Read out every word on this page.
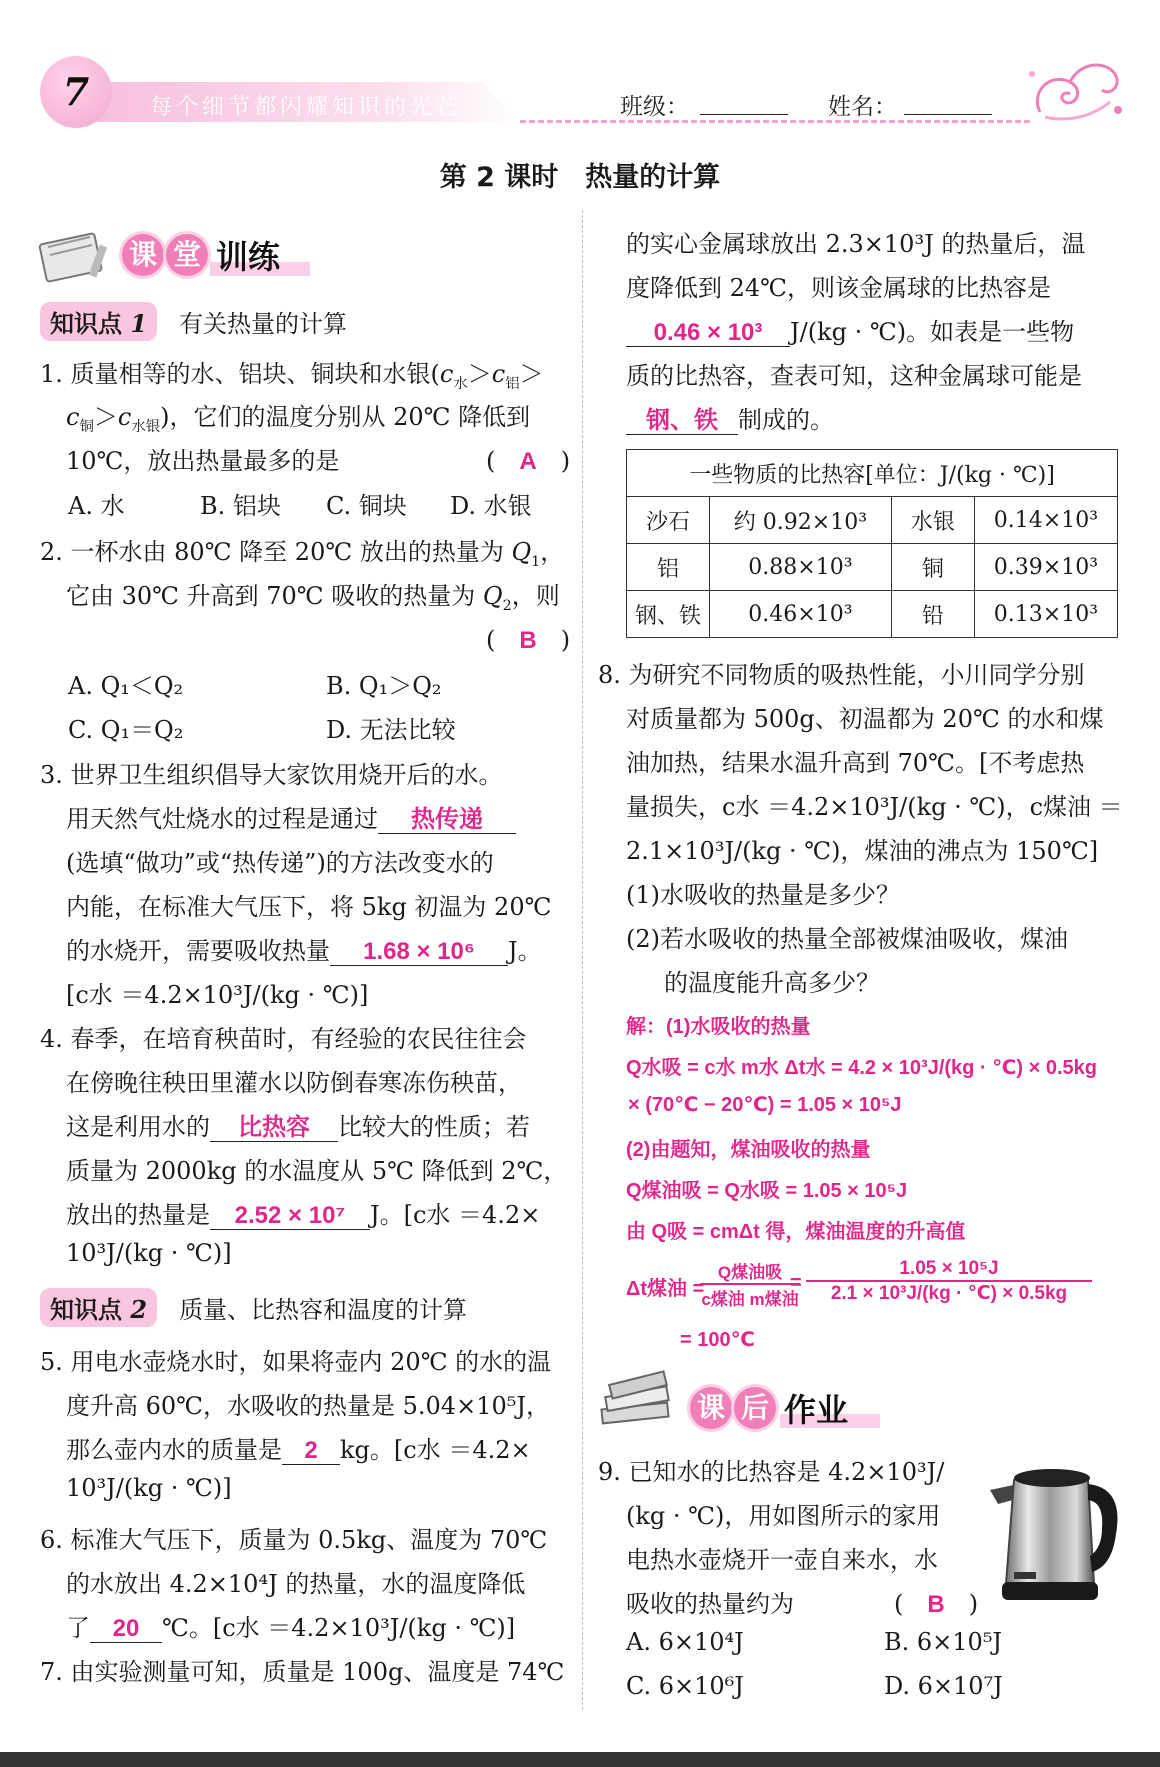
7	每个细节都闪耀知识的光芒	班级：	姓名：
第 2 课时　热量的计算
课 堂 训练
知识点 1	有关热量的计算
1. 质量相等的水、铝块、铜块和水银($c_水>c_铝>$
$c_铜>c_{水银}$)，它们的温度分别从 20℃ 降低到
10℃，放出热量最多的是	(　A　)
A. 水	B. 铝块 C. 铜块 D. 水银
2. 一杯水由 80℃ 降至 20℃ 放出的热量为 $Q_1$，
它由 30℃ 升高到 70℃ 吸收的热量为 $Q_2$，则
(　B　)
A. Q₁＜Q₂	B. Q₁＞Q₂
C. Q₁＝Q₂	D. 无法比较
3. 世界卫生组织倡导大家饮用烧开后的水。
用天然气灶烧水的过程是通过 热传递
(选填“做功”或“热传递”)的方法改变水的
内能，在标准大气压下，将 5kg 初温为 20℃
的水烧开，需要吸收热量 1.68 × 10⁶ J。
[c水 ＝4.2×10³J/(kg · ℃)]
4. 春季，在培育秧苗时，有经验的农民往往会
在傍晚往秧田里灌水以防倒春寒冻伤秧苗，
这是利用水的 比热容 比较大的性质；若
质量为 2000kg 的水温度从 5℃ 降低到 2℃，
放出的热量是 2.52 × 10⁷ J。[c水 ＝4.2×
10³J/(kg · ℃)]
知识点 2	质量、比热容和温度的计算
5. 用电水壶烧水时，如果将壶内 20℃ 的水的温
度升高 60℃，水吸收的热量是 5.04×10⁵J，
那么壶内水的质量是 2 kg。[c水 ＝4.2×
10³J/(kg · ℃)]
6. 标准大气压下，质量为 0.5kg、温度为 70℃
的水放出 4.2×10⁴J 的热量，水的温度降低
了 20 ℃。[c水 ＝4.2×10³J/(kg · ℃)]
7. 由实验测量可知，质量是 100g、温度是 74℃
的实心金属球放出 2.3×10³J 的热量后，温
度降低到 24℃，则该金属球的比热容是
0.46 × 10³ J/(kg · ℃)。如表是一些物
质的比热容，查表可知，这种金属球可能是
钢、铁 制成的。
一些物质的比热容[单位：J/(kg · ℃)]			
沙石	约 0.92×10³	水银	0.14×10³
铝	0.88×10³	铜	0.39×10³
钢、铁	0.46×10³	铅	0.13×10³
8. 为研究不同物质的吸热性能，小川同学分别
对质量都为 500g、初温都为 20℃ 的水和煤
油加热，结果水温升高到 70℃。[不考虑热
量损失，c水 ＝4.2×10³J/(kg · ℃)，c煤油 ＝
2.1×10³J/(kg · ℃)，煤油的沸点为 150℃]
(1)水吸收的热量是多少？
(2)若水吸收的热量全部被煤油吸收，煤油
的温度能升高多少？
解：(1)水吸收的热量
Q水吸 = c水 m水 Δt水 = 4.2 × 10³J/(kg · ℃) × 0.5kg
× (70℃ − 20℃) = 1.05 × 10⁵J
(2)由题知，煤油吸收的热量
Q煤油吸 = Q水吸 = 1.05 × 10⁵J
由 Q吸 = cmΔt 得，煤油温度的升高值
Δt煤油 =
Q煤油吸
c煤油 m煤油
= $\frac{\text{1.05 × 10⁵J}}{\text{2.1 × 10³J/(kg · ℃) × 0.5kg}}$
= 100℃
课 后 作业
9. 已知水的比热容是 4.2×10³J/
(kg · ℃)，用如图所示的家用
电热水壶烧开一壶自来水，水
吸收的热量约为	(　B　)
A. 6×10⁴J	B. 6×10⁵J
C. 6×10⁶J	D. 6×10⁷J
